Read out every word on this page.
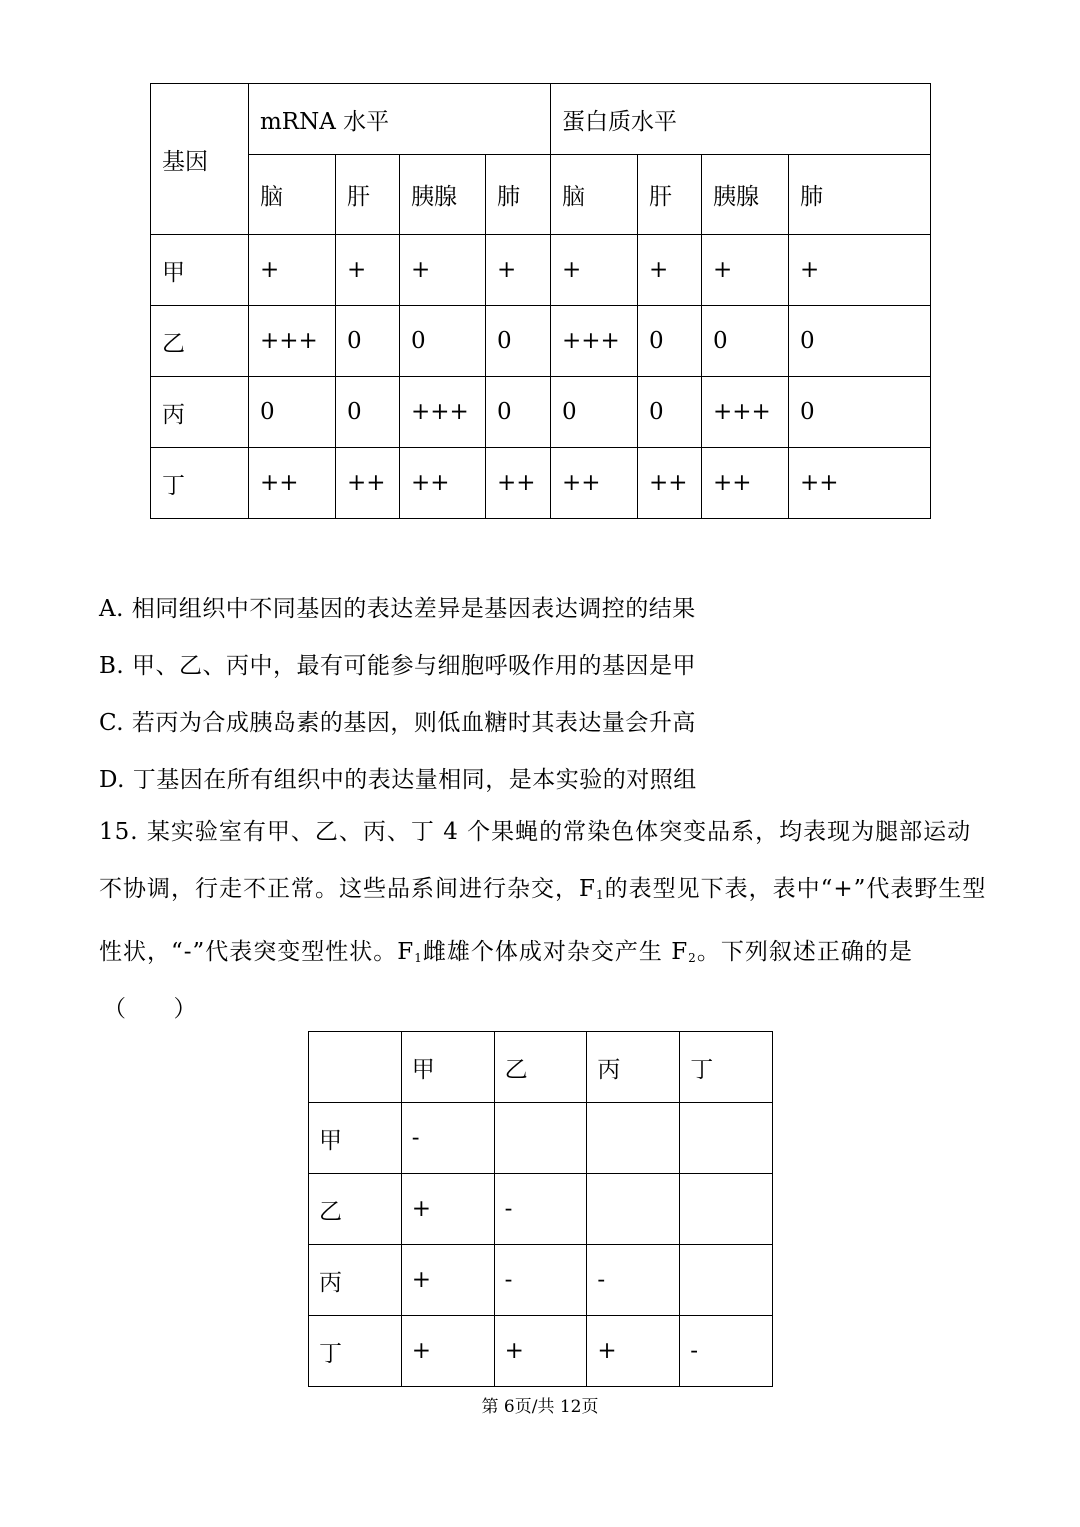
基因	mRNA 水平				蛋白质水平			
	脑	肝	胰腺	肺	脑	肝	胰腺	肺
甲	+	+	+	+	+	+	+	+
乙	+++	0	0	0	+++	0	0	0
丙	0	0	+++	0	0	0	+++	0
丁	++	++	++	++	++	++	++	++
A. 相同组织中不同基因的表达差异是基因表达调控的结果
B. 甲、乙、丙中，最有可能参与细胞呼吸作用的基因是甲
C. 若丙为合成胰岛素的基因，则低血糖时其表达量会升高
D. 丁基因在所有组织中的表达量相同，是本实验的对照组
15. 某实验室有甲、乙、丙、丁 4 个果蝇的常染色体突变品系，均表现为腿部运动不协调，行走不正常。这些品系间进行杂交，$F_1$的表型见下表，表中“+”代表野生型性状，“-”代表突变型性状。$F_1$雌雄个体成对杂交产生 $F_2$。下列叙述正确的是
（　　）
	甲	乙	丙	丁
甲	-			
乙	+	-		
丙	+	-	-	
丁	+	+	+	-
第 6页/共 12页
